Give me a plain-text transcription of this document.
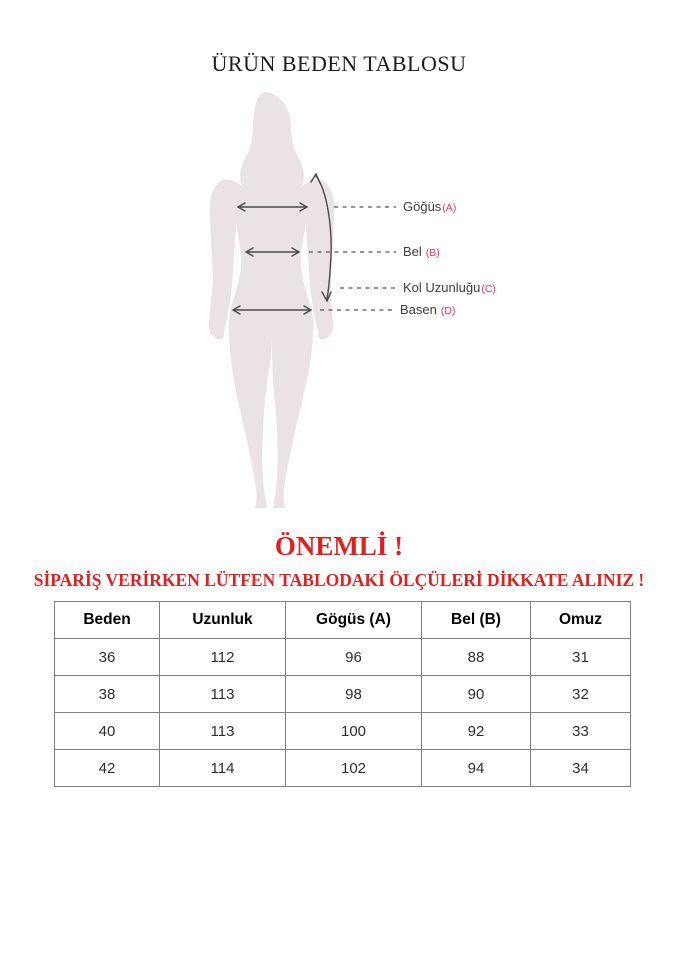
ÜRÜN BEDEN TABLOSU
Göğüs(A)
Bel (B)
Kol Uzunluğu(C)
Basen (D)
ÖNEMLİ !
SİPARİŞ VERİRKEN LÜTFEN TABLODAKİ ÖLÇÜLERİ DİKKATE ALINIZ !
Beden	Uzunluk	Gögüs (A)	Bel (B)	Omuz
36	112	96	88	31
38	113	98	90	32
40	113	100	92	33
42	114	102	94	34
